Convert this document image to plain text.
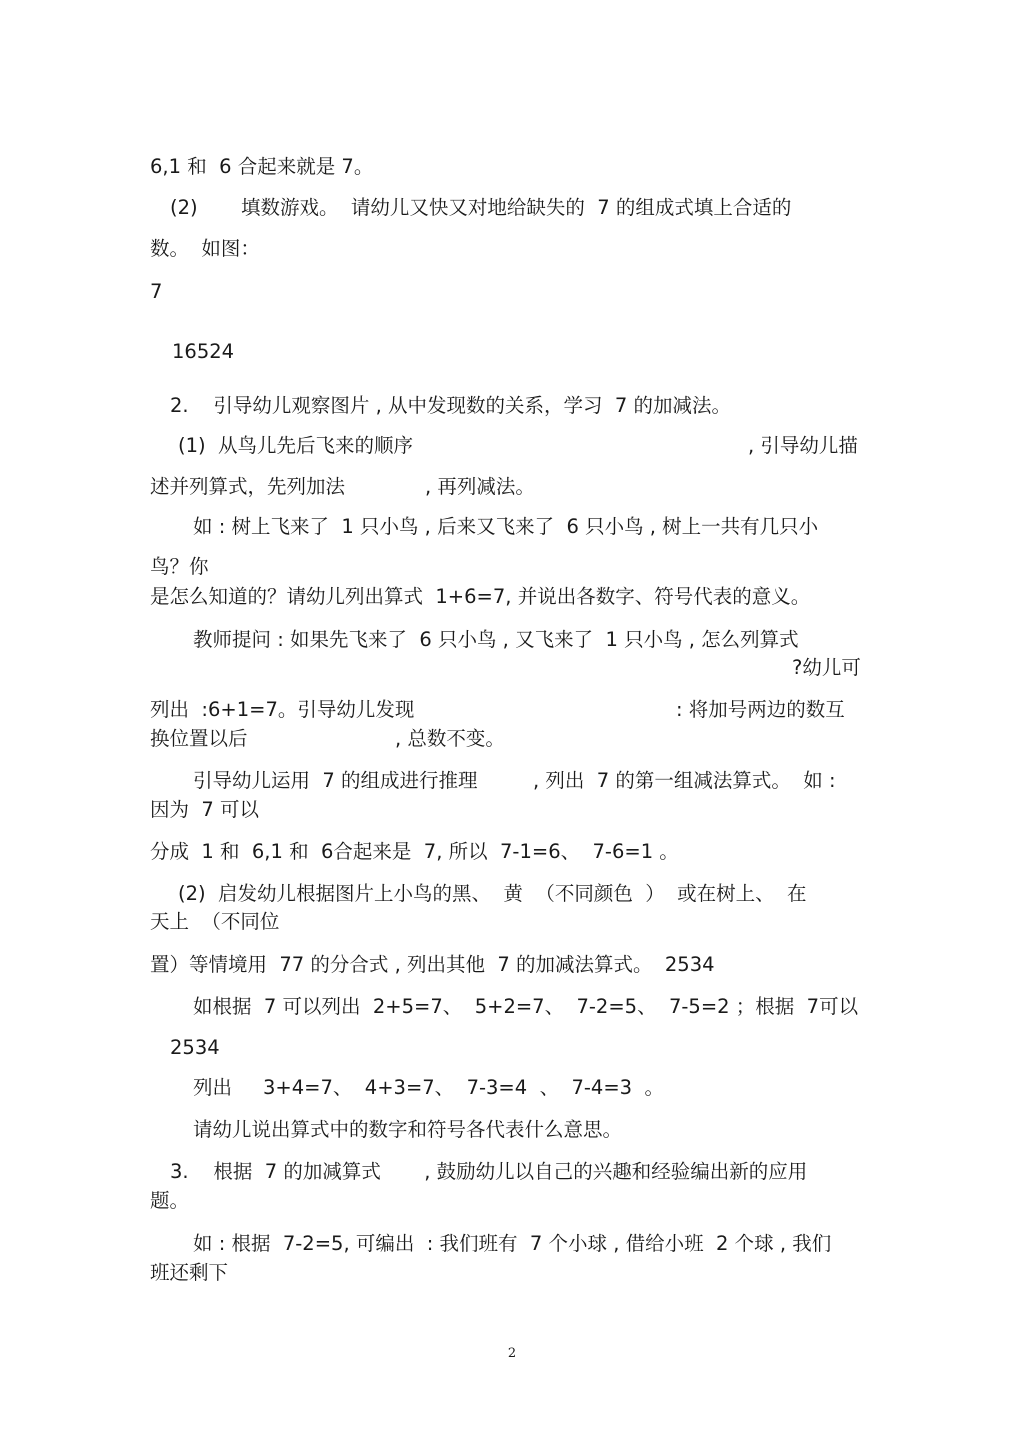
6,1 和  6 合起来就是 7。

(2)       填数游戏。  请幼儿又快又对地给缺失的  7 的组成式填上合适的

数。  如图：

7

16524

2.    引导幼儿观察图片 , 从中发现数的关系，学习  7 的加减法。

(1)  从鸟儿先后飞来的顺序	, 引导幼儿描

述并列算式，先列加法	, 再列减法。

如 : 树上飞来了  1 只小鸟 , 后来又飞来了  6 只小鸟 , 树上一共有几只小

鸟？你

是怎么知道的？请幼儿列出算式  1+6=7, 并说出各数字、符号代表的意义。

教师提问 : 如果先飞来了  6 只小鸟 , 又飞来了  1 只小鸟 , 怎么列算式

?幼儿可

列出  :6+1=7。引导幼儿发现	: 将加号两边的数互

换位置以后	, 总数不变。

引导幼儿运用  7 的组成进行推理	, 列出  7 的第一组减法算式。  如 :

因为  7 可以

分成  1 和  6,1 和  6合起来是  7, 所以  7-1=6、  7-6=1 。

(2)  启发幼儿根据图片上小鸟的黑、  黄  （不同颜色  ）  或在树上、  在

天上  （不同位

置）等情境用  77 的分合式 , 列出其他  7 的加减法算式。  2534

如根据  7 可以列出  2+5=7、  5+2=7、  7-2=5、  7-5=2 ；根据  7可以

2534

列出     3+4=7、  4+3=7、  7-3=4  、  7-4=3  。

请幼儿说出算式中的数字和符号各代表什么意思。

3.    根据  7 的加减算式       , 鼓励幼儿以自己的兴趣和经验编出新的应用

题。

如 : 根据  7-2=5, 可编出  : 我们班有  7 个小球 , 借给小班  2 个球 , 我们

班还剩下

2
